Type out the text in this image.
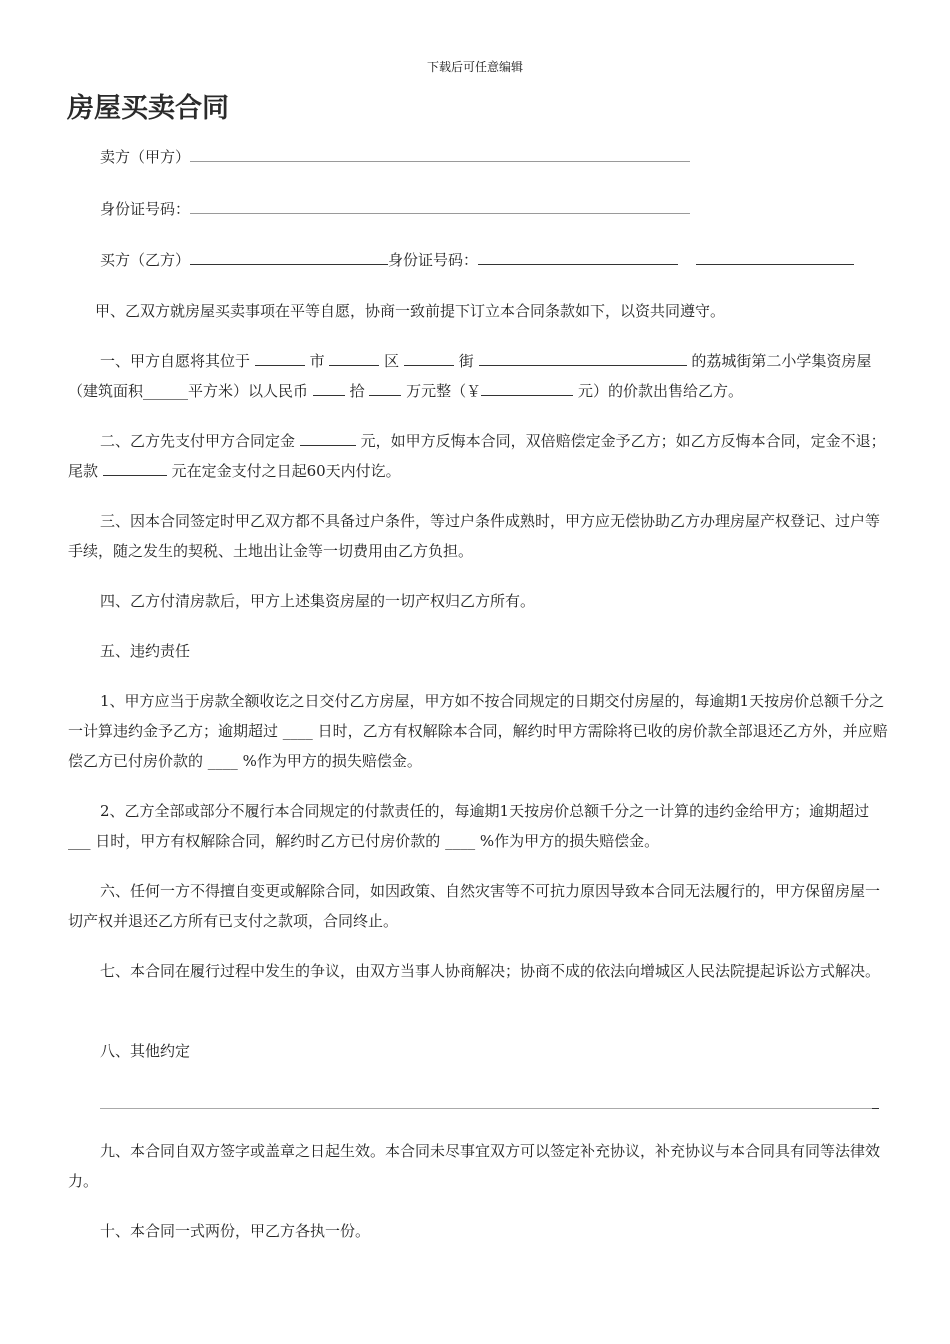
下载后可任意编辑
房屋买卖合同
卖方（甲方）
身份证号码：
买方（乙方）	身份证号码：
甲、乙双方就房屋买卖事项在平等自愿，协商一致前提下订立本合同条款如下，以资共同遵守。
一、甲方自愿将其位于	市	区	街	的荔城街第二小学集资房屋（建筑面积______平方米）以人民币	拾	万元整（￥	元）的价款出售给乙方。
二、乙方先支付甲方合同定金	元，如甲方反悔本合同，双倍赔偿定金予乙方；如乙方反悔本合同，定金不退；尾款	元在定金支付之日起60天内付讫。
三、因本合同签定时甲乙双方都不具备过户条件，等过户条件成熟时，甲方应无偿协助乙方办理房屋产权登记、过户等手续，随之发生的契税、土地出让金等一切费用由乙方负担。
四、乙方付清房款后，甲方上述集资房屋的一切产权归乙方所有。
五、违约责任
1、甲方应当于房款全额收讫之日交付乙方房屋，甲方如不按合同规定的日期交付房屋的，每逾期1天按房价总额千分之一计算违约金予乙方；逾期超过 ____ 日时，乙方有权解除本合同，解约时甲方需除将已收的房价款全部退还乙方外，并应赔偿乙方已付房价款的 ____ %作为甲方的损失赔偿金。
2、乙方全部或部分不履行本合同规定的付款责任的，每逾期1天按房价总额千分之一计算的违约金给甲方；逾期超过 ___ 日时，甲方有权解除合同，解约时乙方已付房价款的 ____ %作为甲方的损失赔偿金。
六、任何一方不得擅自变更或解除合同，如因政策、自然灾害等不可抗力原因导致本合同无法履行的，甲方保留房屋一切产权并退还乙方所有已支付之款项，合同终止。
七、本合同在履行过程中发生的争议，由双方当事人协商解决；协商不成的依法向增城区人民法院提起诉讼方式解决。
八、其他约定
九、本合同自双方签字或盖章之日起生效。本合同未尽事宜双方可以签定补充协议，补充协议与本合同具有同等法律效力。
十、本合同一式两份，甲乙方各执一份。
